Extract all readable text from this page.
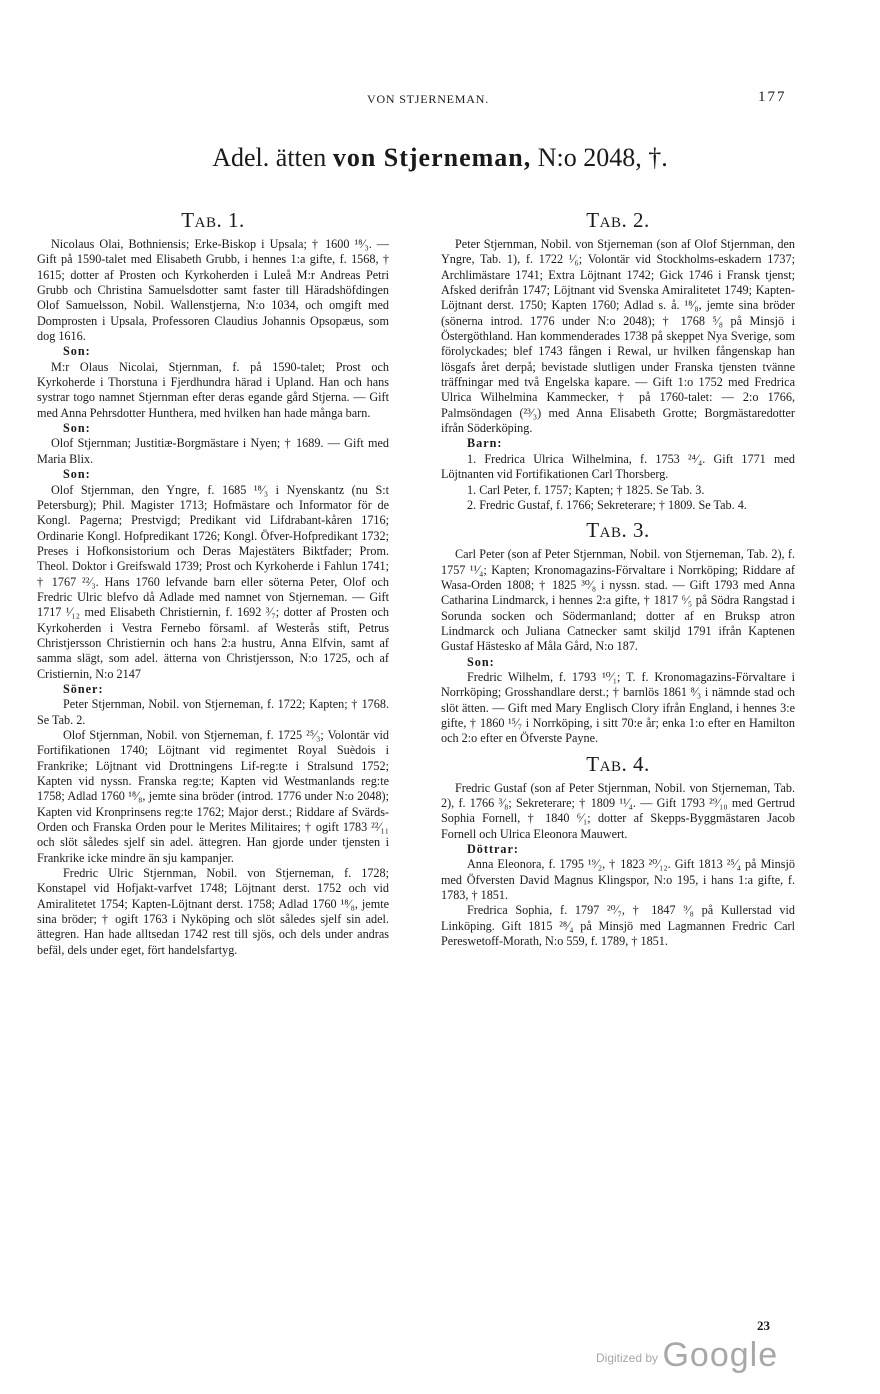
VON STJERNEMAN.	177
Adel. ätten von Stjerneman, N:o 2048, †.
Tab. 1.

Nicolaus Olai, Bothniensis; Erke-Biskop i Upsala; † 1600 ¹⁸⁄₃. — Gift på 1590-talet med Elisabeth Grubb, i hennes 1:a gifte, f. 1568, † 1615; dotter af Prosten och Kyrkoherden i Luleå M:r Andreas Petri Grubb och Christina Samuelsdotter samt faster till Häradshöfdingen Olof Samuelsson, Nobil. Wallenstjerna, N:o 1034, och omgift med Domprosten i Upsala, Professoren Claudius Johannis Opsopæus, som dog 1616.

Son:

M:r Olaus Nicolai, Stjernman, f. på 1590-talet; Prost och Kyrkoherde i Thorstuna i Fjerdhundra härad i Upland. Han och hans systrar togo namnet Stjernman efter deras egande gård Stjerna. — Gift med Anna Pehrsdotter Hunthera, med hvilken han hade många barn.

Son:

Olof Stjernman; Justitiæ-Borgmästare i Nyen; † 1689. — Gift med Maria Blix.

Son:

Olof Stjernman, den Yngre, f. 1685 ¹⁸⁄₃ i Nyenskantz (nu S:t Petersburg); Phil. Magister 1713; Hofmästare och Informator för de Kongl. Pagerna; Prestvigd; Predikant vid Lifdrabant-kåren 1716; Ordinarie Kongl. Hofpredikant 1726; Kongl. Öfver-Hofpredikant 1732; Preses i Hofkonsistorium och Deras Majestäters Biktfader; Prom. Theol. Doktor i Greifswald 1739; Prost och Kyrkoherde i Fahlun 1741; † 1767 ²²⁄₃. Hans 1760 lefvande barn eller söterna Peter, Olof och Fredric Ulric blefvo då Adlade med namnet von Stjerneman. — Gift 1717 ¹⁄₁₂ med Elisabeth Christiernin, f. 1692 ³⁄₇; dotter af Prosten och Kyrkoherden i Vestra Fernebo församl. af Westerås stift, Petrus Christjersson Christiernin och hans 2:a hustru, Anna Elfvin, samt af samma slägt, som adel. ätterna von Christjersson, N:o 1725, och af Cristiernin, N:o 2147

Söner:

Peter Stjernman, Nobil. von Stjerneman, f. 1722; Kapten; † 1768. Se Tab. 2.

Olof Stjernman, Nobil. von Stjerneman, f. 1725 ²⁵⁄₃; Volontär vid Fortifikationen 1740; Löjtnant vid regimentet Royal Suèdois i Frankrike; Löjtnant vid Drottningens Lif-reg:te i Stralsund 1752; Kapten vid nyssn. Franska reg:te; Kapten vid Westmanlands reg:te 1758; Adlad 1760 ¹⁸⁄₈, jemte sina bröder (introd. 1776 under N:o 2048); Kapten vid Kronprinsens reg:te 1762; Major derst.; Riddare af Svärds-Orden och Franska Orden pour le Merites Militaires; † ogift 1783 ²²⁄₁₁ och slöt således sjelf sin adel. ättegren. Han gjorde under tjensten i Frankrike icke mindre än sju kampanjer.

Fredric Ulric Stjernman, Nobil. von Stjerneman, f. 1728; Konstapel vid Hofjakt-varfvet 1748; Löjtnant derst. 1752 och vid Amiralitetet 1754; Kapten-Löjtnant derst. 1758; Adlad 1760 ¹⁸⁄₈, jemte sina bröder; † ogift 1763 i Nyköping och slöt således sjelf sin adel. ättegren. Han hade alltsedan 1742 rest till sjös, och dels under andras befäl, dels under eget, fört handelsfartyg.

Tab. 2.

Peter Stjernman, Nobil. von Stjerneman (son af Olof Stjernman, den Yngre, Tab. 1), f. 1722 ¹⁄₆; Volontär vid Stockholms-eskadern 1737; Archlimästare 1741; Extra Löjtnant 1742; Gick 1746 i Fransk tjenst; Afsked derifrån 1747; Löjtnant vid Svenska Amiralitetet 1749; Kapten-Löjtnant derst. 1750; Kapten 1760; Adlad s. å. ¹⁸⁄₈, jemte sina bröder (sönerna introd. 1776 under N:o 2048); † 1768 ⁵⁄₈ på Minsjö i Östergöthland. Han kommenderades 1738 på skeppet Nya Sverige, som förolyckades; blef 1743 fången i Rewal, ur hvilken fångenskap han lösgafs året derpå; bevistade slutligen under Franska tjensten tvänne träffningar med två Engelska kapare. — Gift 1:o 1752 med Fredrica Ulrica Wilhelmina Kammecker, † på 1760-talet: — 2:o 1766, Palmsöndagen (²³⁄₃) med Anna Elisabeth Grotte; Borgmästaredotter ifrån Söderköping.

Barn:

1. Fredrica Ulrica Wilhelmina, f. 1753 ²⁴⁄₄. Gift 1771 med Löjtnanten vid Fortifikationen Carl Thorsberg.

1. Carl Peter, f. 1757; Kapten; † 1825. Se Tab. 3.

2. Fredric Gustaf, f. 1766; Sekreterare; † 1809. Se Tab. 4.

Tab. 3.

Carl Peter (son af Peter Stjernman, Nobil. von Stjerneman, Tab. 2), f. 1757 ¹¹⁄₄; Kapten; Kronomagazins-Förvaltare i Norrköping; Riddare af Wasa-Orden 1808; † 1825 ³⁰⁄₈ i nyssn. stad. — Gift 1793 med Anna Catharina Lindmarck, i hennes 2:a gifte, † 1817 ⁶⁄₅ på Södra Rangstad i Sorunda socken och Södermanland; dotter af en Bruksp atron Lindmarck och Juliana Catnecker samt skiljd 1791 ifrån Kaptenen Gustaf Hästesko af Måla Gård, N:o 187.

Son:

Fredric Wilhelm, f. 1793 ¹⁰⁄₁; T. f. Kronomagazins-Förvaltare i Norrköping; Grosshandlare derst.; † barnlös 1861 ⁸⁄₃ i nämnde stad och slöt ätten. — Gift med Mary Englisch Clory ifrån England, i hennes 3:e gifte, † 1860 ¹⁵⁄₇ i Norrköping, i sitt 70:e år; enka 1:o efter en Hamilton och 2:o efter en Öfverste Payne.

Tab. 4.

Fredric Gustaf (son af Peter Stjernman, Nobil. von Stjerneman, Tab. 2), f. 1766 ³⁄₈; Sekreterare; † 1809 ¹¹⁄₄. — Gift 1793 ²⁹⁄₁₀ med Gertrud Sophia Fornell, † 1840 ⁶⁄₁; dotter af Skepps-Byggmästaren Jacob Fornell och Ulrica Eleonora Mauwert.

Döttrar:

Anna Eleonora, f. 1795 ¹⁹⁄₂, † 1823 ²⁰⁄₁₂. Gift 1813 ²⁵⁄₄ på Minsjö med Öfversten David Magnus Klingspor, N:o 195, i hans 1:a gifte, f. 1783, † 1851.

Fredrica Sophia, f. 1797 ²⁰⁄₇, † 1847 ⁹⁄₈ på Kullerstad vid Linköping. Gift 1815 ²⁸⁄₄ på Minsjö med Lagmannen Fredric Carl Pereswetoff-Morath, N:o 559, f. 1789, † 1851.

23
$^{Digitized by}$ Google
